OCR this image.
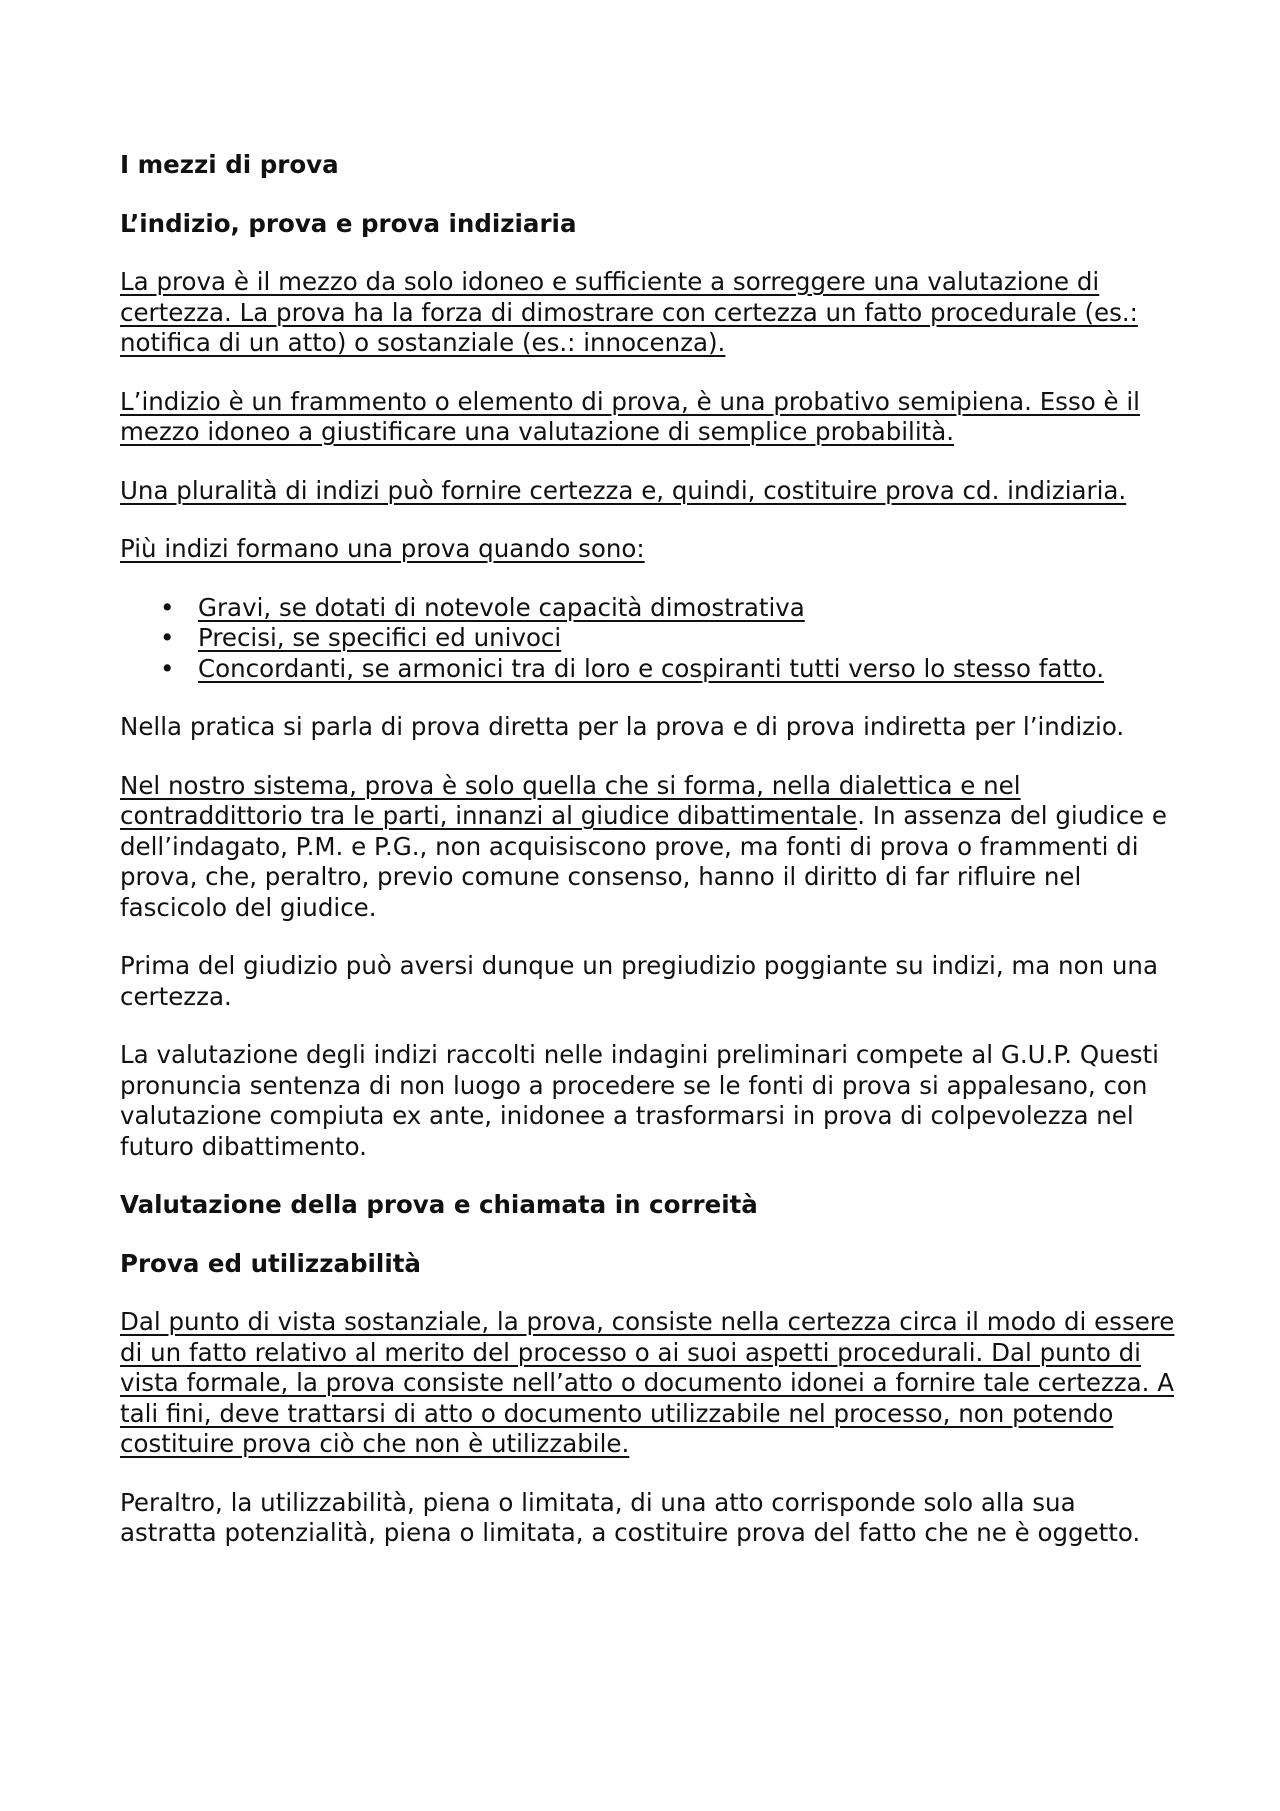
I mezzi di prova
L’indizio, prova e prova indiziaria

La prova è il mezzo da solo idoneo e sufficiente a sorreggere una valutazione di certezza. La prova ha la forza di dimostrare con certezza un fatto procedurale (es.: notifica di un atto) o sostanziale (es.: innocenza).

L’indizio è un frammento o elemento di prova, è una probativo semipiena. Esso è il mezzo idoneo a giustificare una valutazione di semplice probabilità.

Una pluralità di indizi può fornire certezza e, quindi, costituire prova cd. indiziaria.

Più indizi formano una prova quando sono:

• Gravi, se dotati di notevole capacità dimostrativa
• Precisi, se specifici ed univoci
• Concordanti, se armonici tra di loro e cospiranti tutti verso lo stesso fatto.

Nella pratica si parla di prova diretta per la prova e di prova indiretta per l’indizio.

Nel nostro sistema, prova è solo quella che si forma, nella dialettica e nel contraddittorio tra le parti, innanzi al giudice dibattimentale. In assenza del giudice e dell’indagato, P.M. e P.G., non acquisiscono prove, ma fonti di prova o frammenti di prova, che, peraltro, previo comune consenso, hanno il diritto di far rifluire nel fascicolo del giudice.

Prima del giudizio può aversi dunque un pregiudizio poggiante su indizi, ma non una certezza.

La valutazione degli indizi raccolti nelle indagini preliminari compete al G.U.P. Questi pronuncia sentenza di non luogo a procedere se le fonti di prova si appalesano, con valutazione compiuta ex ante, inidonee a trasformarsi in prova di colpevolezza nel futuro dibattimento.

Valutazione della prova e chiamata in correità
Prova ed utilizzabilità

Dal punto di vista sostanziale, la prova, consiste nella certezza circa il modo di essere di un fatto relativo al merito del processo o ai suoi aspetti procedurali. Dal punto di vista formale, la prova consiste nell’atto o documento idonei a fornire tale certezza. A tali fini, deve trattarsi di atto o documento utilizzabile nel processo, non potendo costituire prova ciò che non è utilizzabile.

Peraltro, la utilizzabilità, piena o limitata, di una atto corrisponde solo alla sua astratta potenzialità, piena o limitata, a costituire prova del fatto che ne è oggetto.
